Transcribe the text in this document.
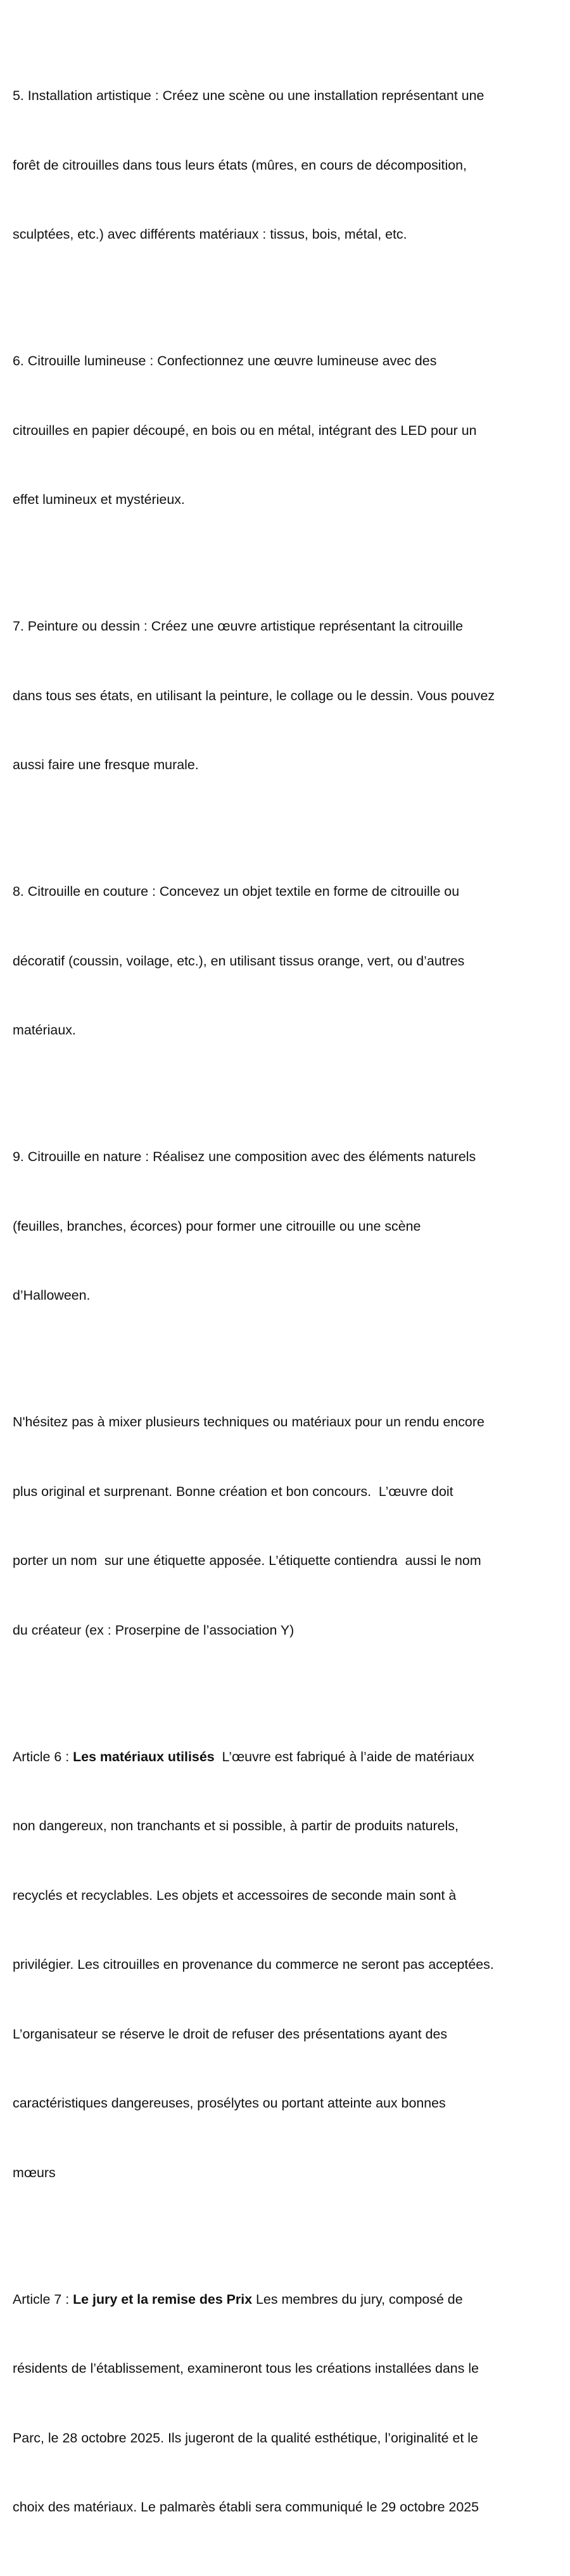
5. Installation artistique : Créez une scène ou une installation représentant une

forêt de citrouilles dans tous leurs états (mûres, en cours de décomposition,

sculptées, etc.) avec différents matériaux : tissus, bois, métal, etc.

6. Citrouille lumineuse : Confectionnez une œuvre lumineuse avec des

citrouilles en papier découpé, en bois ou en métal, intégrant des LED pour un

effet lumineux et mystérieux.

7. Peinture ou dessin : Créez une œuvre artistique représentant la citrouille

dans tous ses états, en utilisant la peinture, le collage ou le dessin. Vous pouvez

aussi faire une fresque murale.

8. Citrouille en couture : Concevez un objet textile en forme de citrouille ou

décoratif (coussin, voilage, etc.), en utilisant tissus orange, vert, ou d’autres

matériaux.

9. Citrouille en nature : Réalisez une composition avec des éléments naturels

(feuilles, branches, écorces) pour former une citrouille ou une scène

d’Halloween.

N'hésitez pas à mixer plusieurs techniques ou matériaux pour un rendu encore

plus original et surprenant. Bonne création et bon concours.  L’œuvre doit

porter un nom  sur une étiquette apposée. L’étiquette contiendra  aussi le nom

du créateur (ex : Proserpine de l’association Y)

Article 6 : Les matériaux utilisés  L’œuvre est fabriqué à l’aide de matériaux

non dangereux, non tranchants et si possible, à partir de produits naturels,

recyclés et recyclables. Les objets et accessoires de seconde main sont à

privilégier. Les citrouilles en provenance du commerce ne seront pas acceptées.

L’organisateur se réserve le droit de refuser des présentations ayant des

caractéristiques dangereuses, prosélytes ou portant atteinte aux bonnes

mœurs

Article 7 : Le jury et la remise des Prix Les membres du jury, composé de

résidents de l’établissement, examineront tous les créations installées dans le

Parc, le 28 octobre 2025. Ils jugeront de la qualité esthétique, l’originalité et le

choix des matériaux. Le palmarès établi sera communiqué le 29 octobre 2025
